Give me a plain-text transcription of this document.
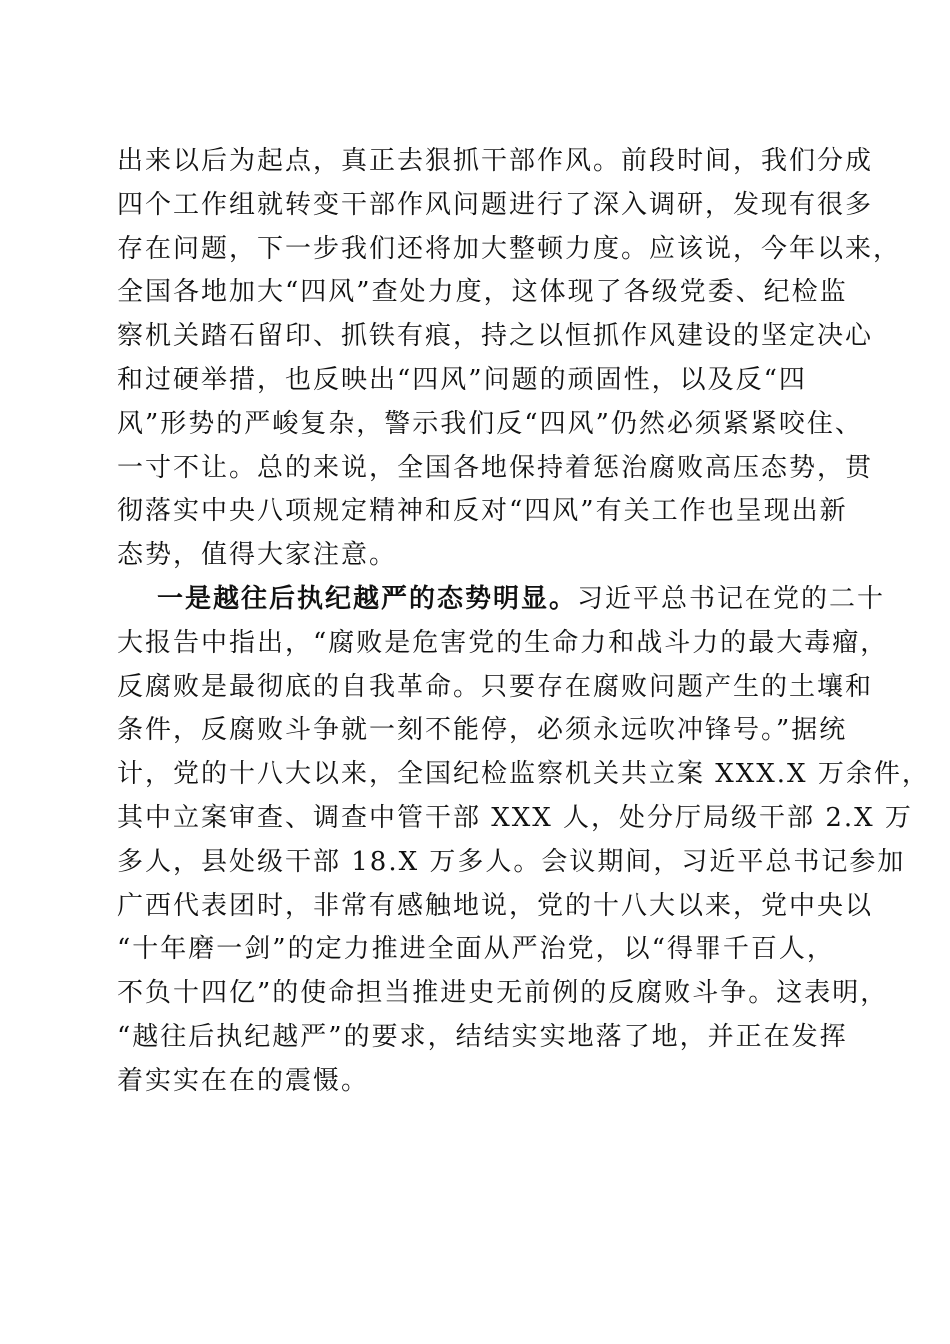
出来以后为起点，真正去狠抓干部作风。前段时间，我们分成
四个工作组就转变干部作风问题进行了深入调研，发现有很多
存在问题，下一步我们还将加大整顿力度。应该说，今年以来，
全国各地加大“四风”查处力度，这体现了各级党委、纪检监
察机关踏石留印、抓铁有痕，持之以恒抓作风建设的坚定决心
和过硬举措，也反映出“四风”问题的顽固性，以及反“四
风”形势的严峻复杂，警示我们反“四风”仍然必须紧紧咬住、
一寸不让。总的来说，全国各地保持着惩治腐败高压态势，贯
彻落实中央八项规定精神和反对“四风”有关工作也呈现出新
态势，值得大家注意。
一是越往后执纪越严的态势明显。习近平总书记在党的二十
大报告中指出，“腐败是危害党的生命力和战斗力的最大毒瘤，
反腐败是最彻底的自我革命。只要存在腐败问题产生的土壤和
条件，反腐败斗争就一刻不能停，必须永远吹冲锋号。”据统
计，党的十八大以来，全国纪检监察机关共立案 XXX.X 万余件，
其中立案审查、调查中管干部 XXX 人，处分厅局级干部 2.X 万
多人，县处级干部 18.X 万多人。会议期间，习近平总书记参加
广西代表团时，非常有感触地说，党的十八大以来，党中央以
“十年磨一剑”的定力推进全面从严治党，以“得罪千百人，
不负十四亿”的使命担当推进史无前例的反腐败斗争。这表明，
“越往后执纪越严”的要求，结结实实地落了地，并正在发挥
着实实在在的震慑。
